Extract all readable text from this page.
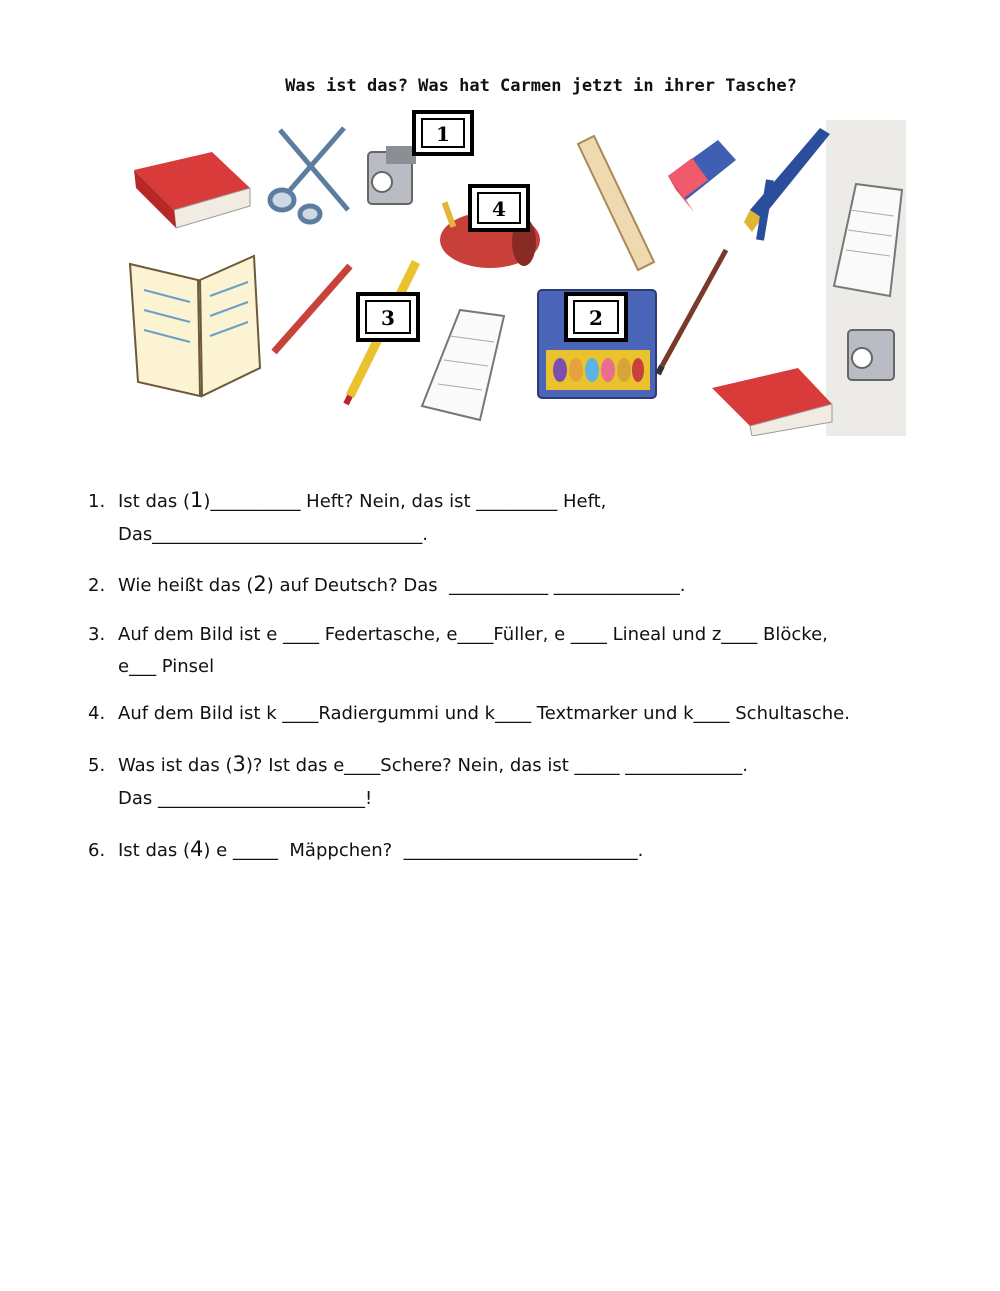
Was ist das? Was hat Carmen jetzt in ihrer Tasche?
1
4
3	2
1. Ist das (1)__________ Heft? Nein, das ist _________ Heft,
Das______________________________.
2. Wie heißt das (2) auf Deutsch? Das  ___________ ______________.
3. Auf dem Bild ist e ____ Federtasche, e____Füller, e ____ Lineal und z____ Blöcke,
e___ Pinsel
4. Auf dem Bild ist k ____Radiergummi und k____ Textmarker und k____ Schultasche.
5. Was ist das (3)? Ist das e____Schere? Nein, das ist _____ _____________.
Das _______________________!
6. Ist das (4) e _____  Mäppchen?  __________________________.
